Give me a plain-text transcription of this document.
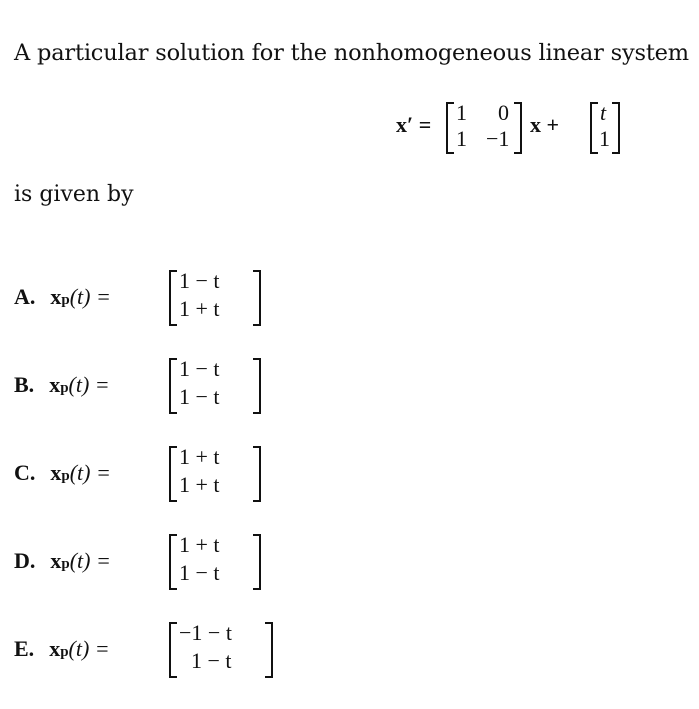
A particular solution for the nonhomogeneous linear system
x′ = 1 0
1 −1
x + t
1
is given by
A. xp(t) =
1 − t
1 + t
B. xp(t) =
1 − t
1 − t
C. xp(t) =
1 + t
1 + t
D. xp(t) =
1 + t
1 − t
E. xp(t) =
−1 − t
1 − t
